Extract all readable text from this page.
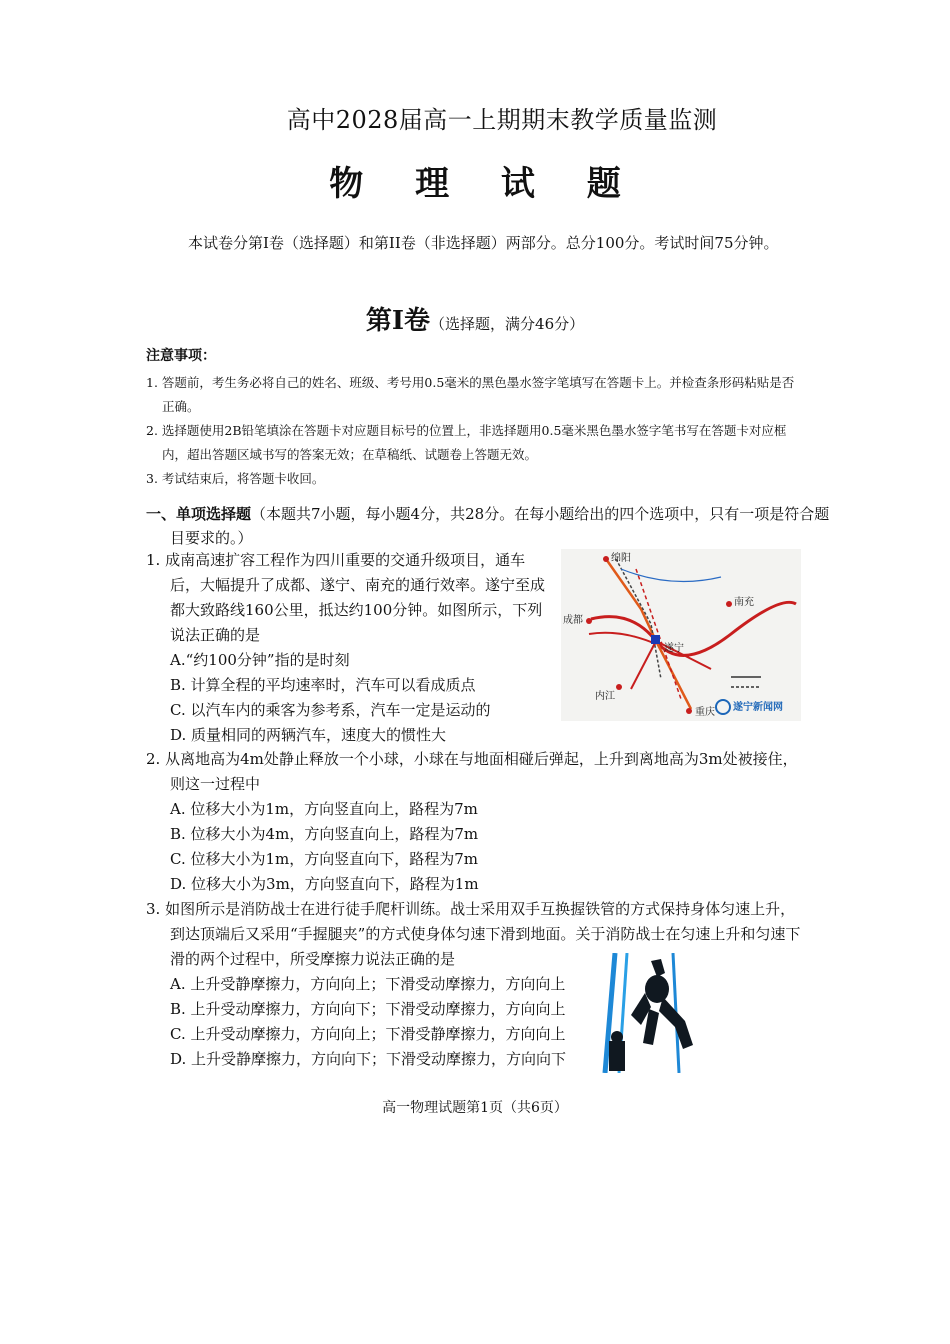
高中2028届高一上期期末教学质量监测
物 理 试 题
本试卷分第Ⅰ卷（选择题）和第II卷（非选择题）两部分。总分100分。考试时间75分钟。
第Ⅰ卷（选择题，满分46分）
注意事项：
1. 答题前，考生务必将自己的姓名、班级、考号用0.5毫米的黑色墨水签字笔填写在答题卡上。并检查条形码粘贴是否正确。
2. 选择题使用2B铅笔填涂在答题卡对应题目标号的位置上，非选择题用0.5毫米黑色墨水签字笔书写在答题卡对应框内，超出答题区域书写的答案无效；在草稿纸、试题卷上答题无效。
3. 考试结束后，将答题卡收回。
一、单项选择题（本题共7小题，每小题4分，共28分。在每小题给出的四个选项中，只有一项是符合题目要求的。）
1. 成南高速扩容工程作为四川重要的交通升级项目，通车后，大幅提升了成都、遂宁、南充的通行效率。遂宁至成都大致路线160公里，抵达约100分钟。如图所示，下列说法正确的是
A.“约100分钟”指的是时刻
B. 计算全程的平均速率时，汽车可以看成质点
C. 以汽车内的乘客为参考系，汽车一定是运动的
D. 质量相同的两辆汽车，速度大的惯性大
绵阳
南充
成都
遂宁
内江
重庆 遂宁新闻网
2. 从离地高为4m处静止释放一个小球，小球在与地面相碰后弹起，上升到离地高为3m处被接住，则这一过程中
A. 位移大小为1m，方向竖直向上，路程为7m
B. 位移大小为4m，方向竖直向上，路程为7m
C. 位移大小为1m，方向竖直向下，路程为7m
D. 位移大小为3m，方向竖直向下，路程为1m
3. 如图所示是消防战士在进行徒手爬杆训练。战士采用双手互换握铁管的方式保持身体匀速上升，到达顶端后又采用“手握腿夹”的方式使身体匀速下滑到地面。关于消防战士在匀速上升和匀速下滑的两个过程中，所受摩擦力说法正确的是
A. 上升受静摩擦力，方向向上；下滑受动摩擦力，方向向上
B. 上升受动摩擦力，方向向下；下滑受动摩擦力，方向向上
C. 上升受动摩擦力，方向向上；下滑受静摩擦力，方向向上
D. 上升受静摩擦力，方向向下；下滑受动摩擦力，方向向下
高一物理试题第1页（共6页）
